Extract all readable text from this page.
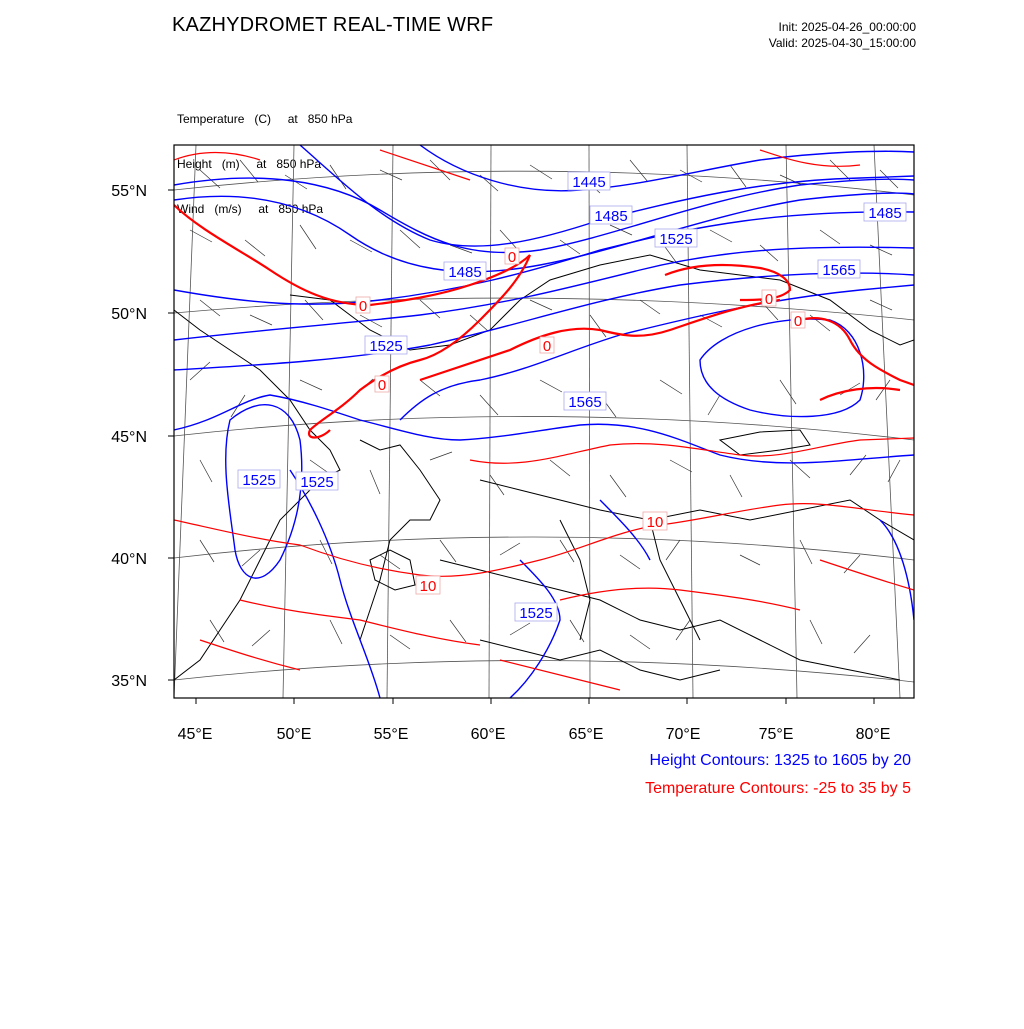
KAZHYDROMET REAL-TIME WRF	Init: 2025-04-26_00:00:00
Valid: 2025-04-30_15:00:00

Temperature   (C)     at   850 hPa

Height   (m)     at   850 hPa

Wind   (m/s)     at   850 hPa

55°N
50°N
45°N
40°N
35°N
45°E	50°E	55°E	60°E	65°E	70°E	75°E	80°E
1445
1485
1525
1485
1565
1485
1525
1565
1525 1525
1525
0
0
0
0
0
0
10
10
Height Contours: 1325 to 1605 by 20
Temperature Contours: -25 to 35 by 5
